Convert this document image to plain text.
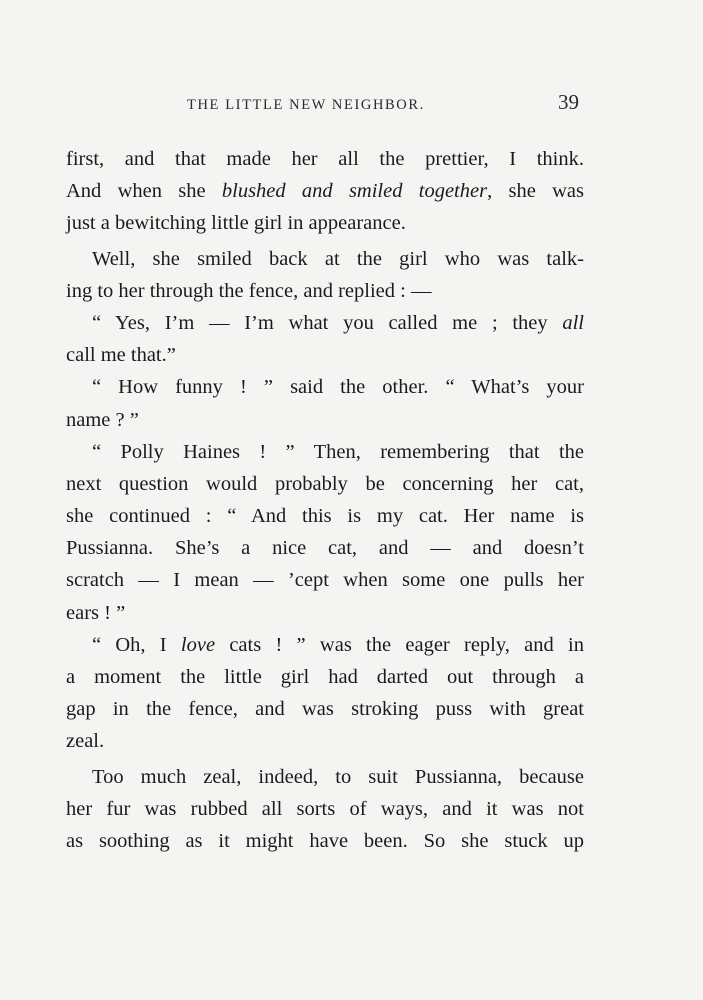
THE LITTLE NEW NEIGHBOR.	39
first, and that made her all the prettier, I think.
And when she blushed and smiled together, she was
just a bewitching little girl in appearance.
Well, she smiled back at the girl who was talk-
ing to her through the fence, and replied : —
“ Yes, I’m — I’m what you called me ; they all
call me that.”
“ How funny ! ” said the other. “ What’s your
name ? ”
“ Polly Haines ! ” Then, remembering that the
next question would probably be concerning her cat,
she continued : “ And this is my cat. Her name is
Pussianna. She’s a nice cat, and — and doesn’t
scratch — I mean — ’cept when some one pulls her
ears ! ”
“ Oh, I love cats ! ” was the eager reply, and in
a moment the little girl had darted out through a
gap in the fence, and was stroking puss with great
zeal.
Too much zeal, indeed, to suit Pussianna, because
her fur was rubbed all sorts of ways, and it was not
as soothing as it might have been. So she stuck up
